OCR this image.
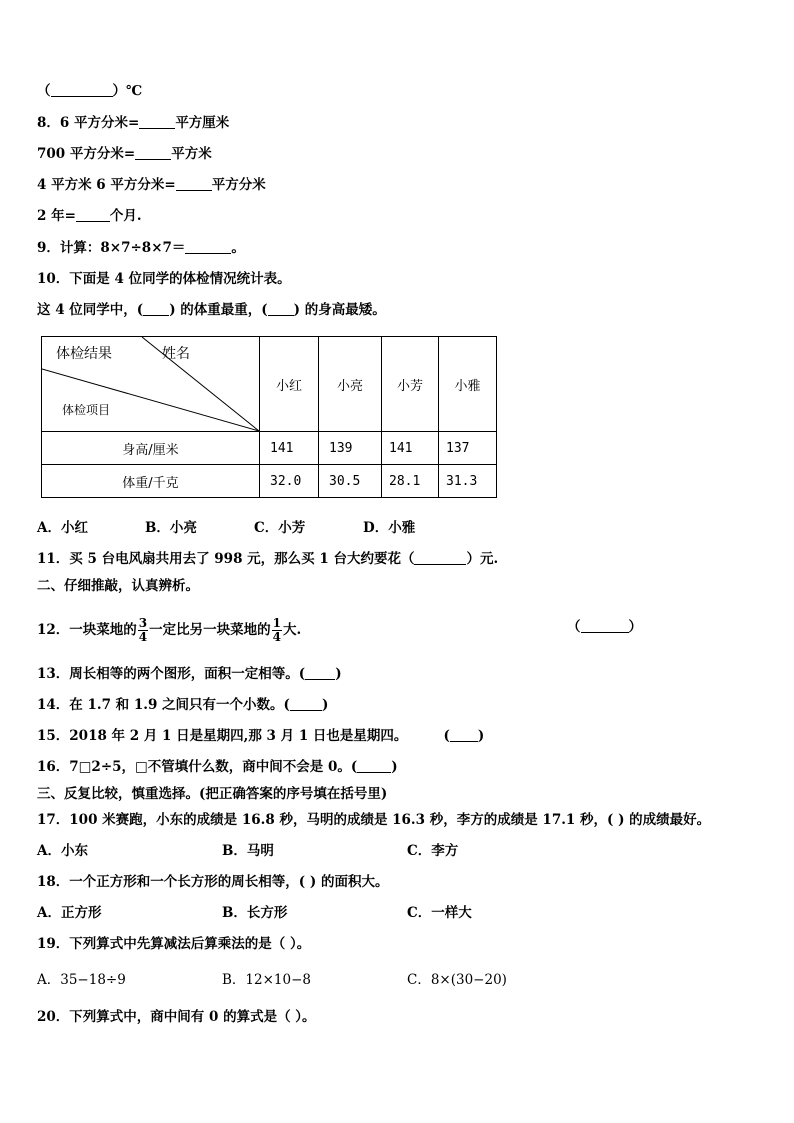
（	）℃
8．6 平方分米=	平方厘米
700 平方分米=	平方米
4 平方米 6 平方分米=	平方分米
2 年=	个月.
9．计算：8×7÷8×7＝	。
10．下面是 4 位同学的体检情况统计表。
这 4 位同学中，( ) 的体重最重，( ) 的身高最矮。
体检结果 姓名
体检项目	小红	小亮	小芳	小雅
身高/厘米	141	139	141	137
体重/千克	32.0	30.5	28.1	31.3
A．小红	B．小亮	C．小芳	D．小雅
11．买 5 台电风扇共用去了 998 元，那么买 1 台大约要花（	）元.
二、仔细推敲，认真辨析。
12．一块菜地的 $\frac{3}{4}$ 一定比另一块菜地的 $\frac{1}{4}$ 大.	（	）
13．周长相等的两个图形，面积一定相等。( )
14．在 1.7 和 1.9 之间只有一个小数。( )
15．2018 年 2 月 1 日是星期四,那 3 月 1 日也是星期四。	( )
16．7□2÷5，□不管填什么数，商中间不会是 0。(	)
三、反复比较，慎重选择。(把正确答案的序号填在括号里)
17．100 米赛跑，小东的成绩是 16.8 秒，马明的成绩是 16.3 秒，李方的成绩是 17.1 秒，( ) 的成绩最好。
A．小东	B．马明	C．李方
18．一个正方形和一个长方形的周长相等，( ) 的面积大。
A．正方形	B．长方形	C．一样大
19．下列算式中先算减法后算乘法的是（ ）。
A．35−18÷9	B．12×10−8	C．8×(30−20)
20．下列算式中，商中间有 0 的算式是（ ）。
